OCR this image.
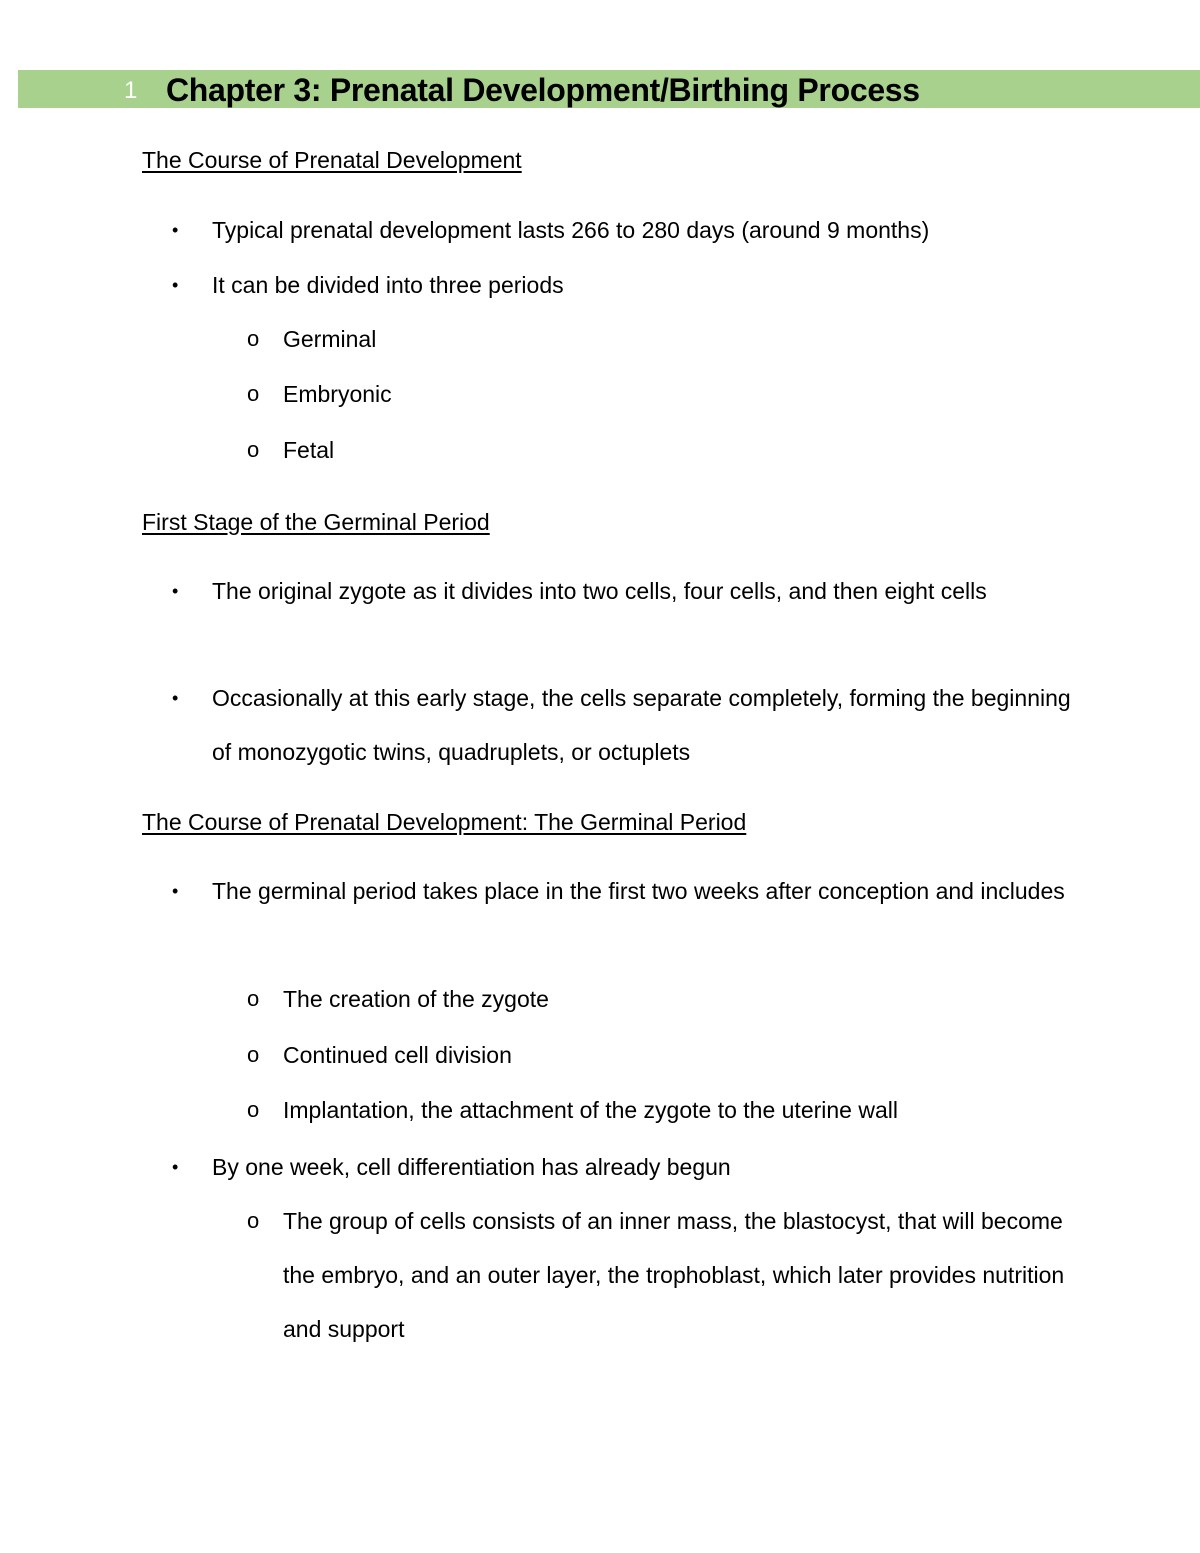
1 Chapter 3: Prenatal Development/Birthing Process
The Course of Prenatal Development
• Typical prenatal development lasts 266 to 280 days (around 9 months)
• It can be divided into three periods
o Germinal
o Embryonic
o Fetal
First Stage of the Germinal Period
• The original zygote as it divides into two cells, four cells, and then eight cells
• Occasionally at this early stage, the cells separate completely, forming the beginning of monozygotic twins, quadruplets, or octuplets
The Course of Prenatal Development: The Germinal Period
• The germinal period takes place in the first two weeks after conception and includes
o The creation of the zygote
o Continued cell division
o Implantation, the attachment of the zygote to the uterine wall
• By one week, cell differentiation has already begun
o The group of cells consists of an inner mass, the blastocyst, that will become the embryo, and an outer layer, the trophoblast, which later provides nutrition and support
